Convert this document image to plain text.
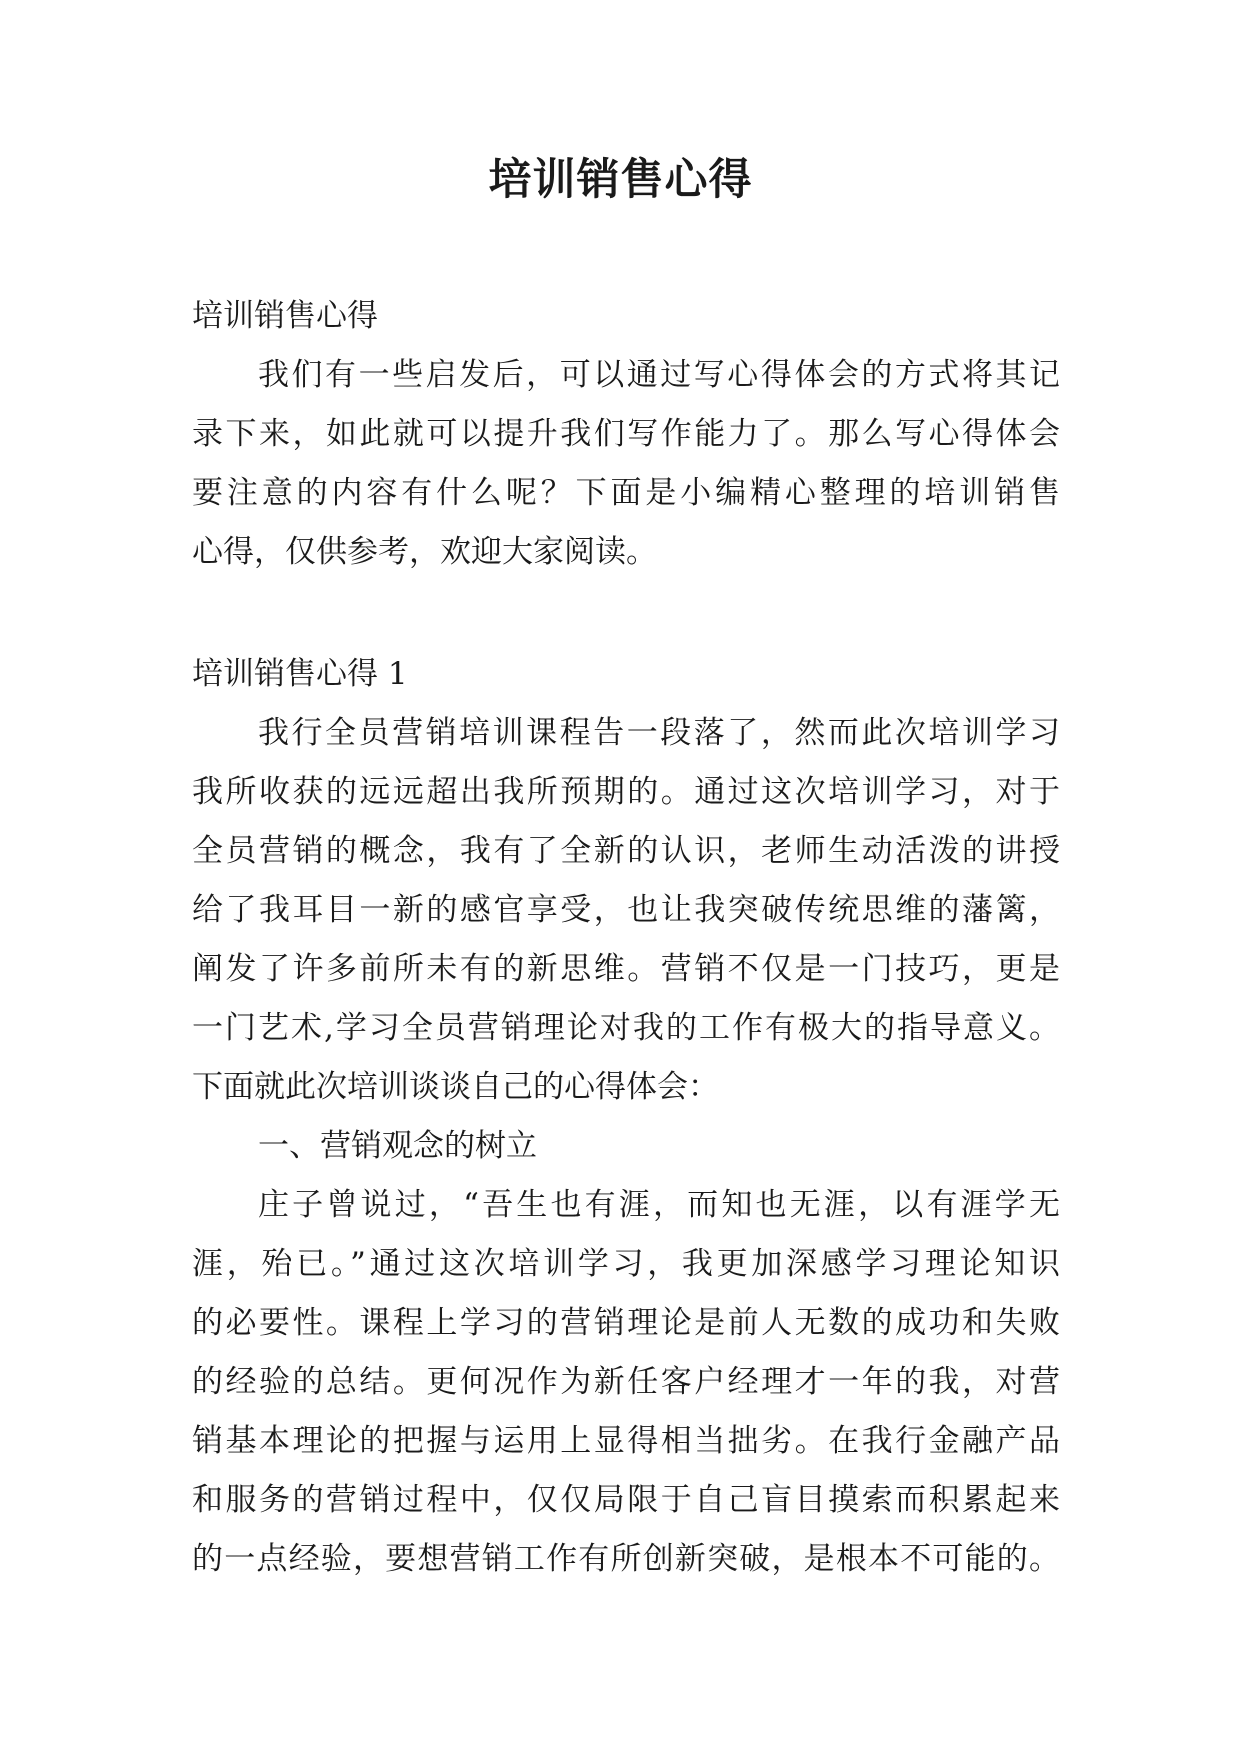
培训销售心得
培训销售心得
我们有一些启发后，可以通过写心得体会的方式将其记
录下来，如此就可以提升我们写作能力了。那么写心得体会
要注意的内容有什么呢？下面是小编精心整理的培训销售
心得，仅供参考，欢迎大家阅读。
培训销售心得 1
我行全员营销培训课程告一段落了，然而此次培训学习
我所收获的远远超出我所预期的。通过这次培训学习，对于
全员营销的概念，我有了全新的认识，老师生动活泼的讲授
给了我耳目一新的感官享受，也让我突破传统思维的藩篱，
阐发了许多前所未有的新思维。营销不仅是一门技巧，更是
一门艺术,学习全员营销理论对我的工作有极大的指导意义。
下面就此次培训谈谈自己的心得体会：
一、营销观念的树立
庄子曾说过，“吾生也有涯，而知也无涯，以有涯学无
涯，殆已。”通过这次培训学习，我更加深感学习理论知识
的必要性。课程上学习的营销理论是前人无数的成功和失败
的经验的总结。更何况作为新任客户经理才一年的我，对营
销基本理论的把握与运用上显得相当拙劣。在我行金融产品
和服务的营销过程中，仅仅局限于自己盲目摸索而积累起来
的一点经验，要想营销工作有所创新突破，是根本不可能的。
